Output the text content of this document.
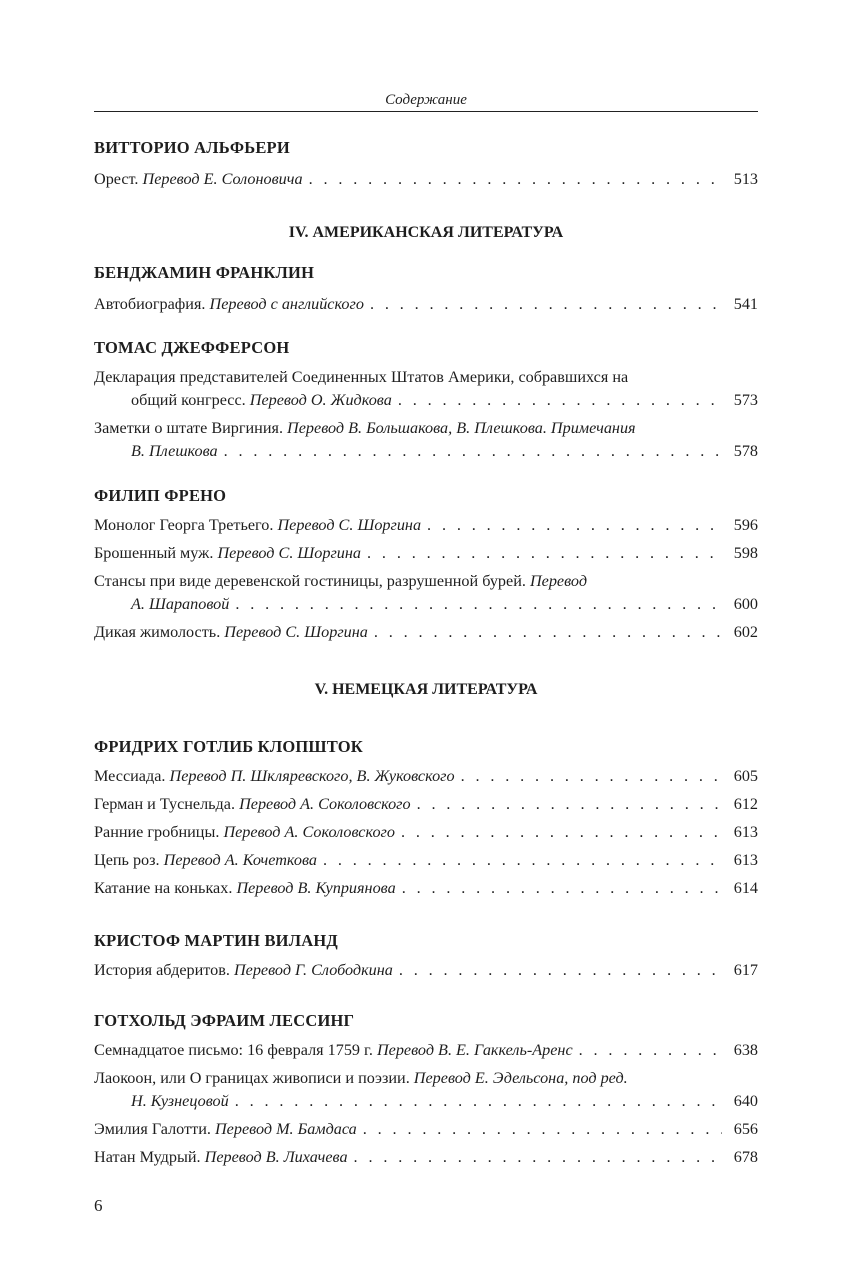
Содержание
ВИТТОРИО АЛЬФЬЕРИ
Орест.
Перевод Е. Солоновича . . .	513
IV. АМЕРИКАНСКАЯ ЛИТЕРАТУРА
БЕНДЖАМИН ФРАНКЛИН
Автобиография.
Перевод с английского . . .	541
ТОМАС ДЖЕФФЕРСОН
Декларация представителей Соединенных Штатов Америки, собравшихся на
общий конгресс.
Перевод О. Жидкова . . .	573
Заметки о штате Виргиния. Перевод В. Большакова, В. Плешкова. Примечания
В. Плешкова . . .	578
ФИЛИП ФРЕНО
Монолог Георга Третьего.
Перевод С. Шоргина . . .	596
Брошенный муж.
Перевод С. Шоргина . . .	598
Стансы при виде деревенской гостиницы, разрушенной бурей. Перевод
А. Шараповой . . .	600
Дикая жимолость.
Перевод С. Шоргина . . .	602
V. НЕМЕЦКАЯ ЛИТЕРАТУРА
ФРИДРИХ ГОТЛИБ КЛОПШТОК
Мессиада.
Перевод П. Шкляревского, В. Жуковского . . .	605
Герман и Туснельда.
Перевод А. Соколовского . . .	612
Ранние гробницы.
Перевод А. Соколовского . . .	613
Цепь роз.
Перевод А. Кочеткова . . .	613
Катание на коньках.
Перевод В. Куприянова . . .	614
КРИСТОФ МАРТИН ВИЛАНД
История абдеритов.
Перевод Г. Слободкина . . .	617
ГОТХОЛЬД ЭФРАИМ ЛЕССИНГ
Семнадцатое письмо: 16 февраля 1759 г.
Перевод В. Е. Гаккель-Аренс . . .	638
Лаокоон, или О границах живописи и поэзии. Перевод Е. Эдельсона, под ред.
Н. Кузнецовой . . .	640
Эмилия Галотти.
Перевод М. Бамдаса . . .	656
Натан Мудрый.
Перевод В. Лихачева . . .	678
6
